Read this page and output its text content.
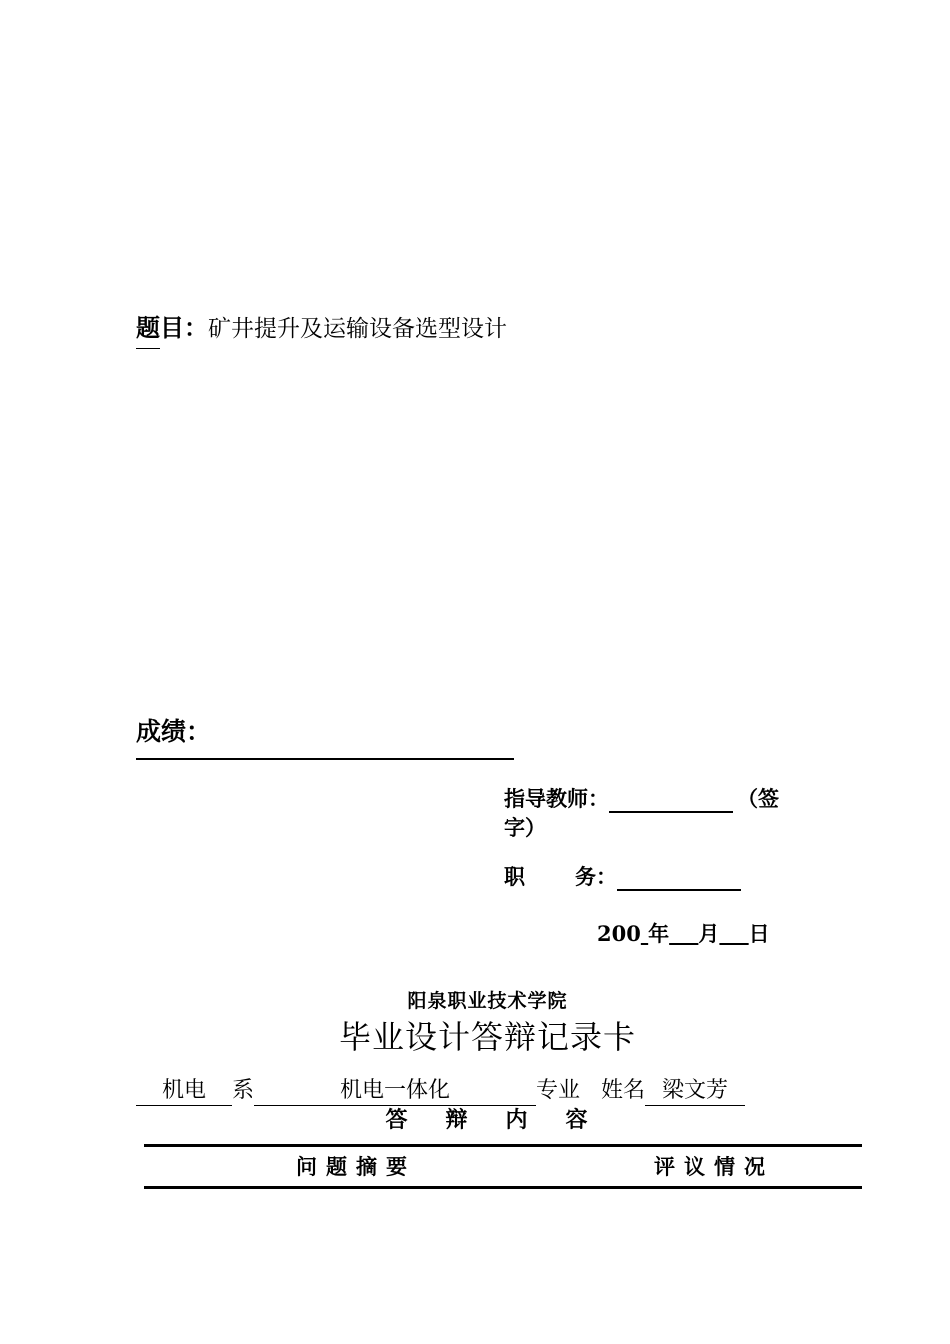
题目：矿井提升及运输设备选型设计
成绩：
指导教师：	（签
字）
职 务：
200 年 月 日
阳泉职业技术学院
毕业设计答辩记录卡
机电 系	机电一体化	专业 姓名 梁文芳
答 辩 内 容
问题摘要	评议情况
